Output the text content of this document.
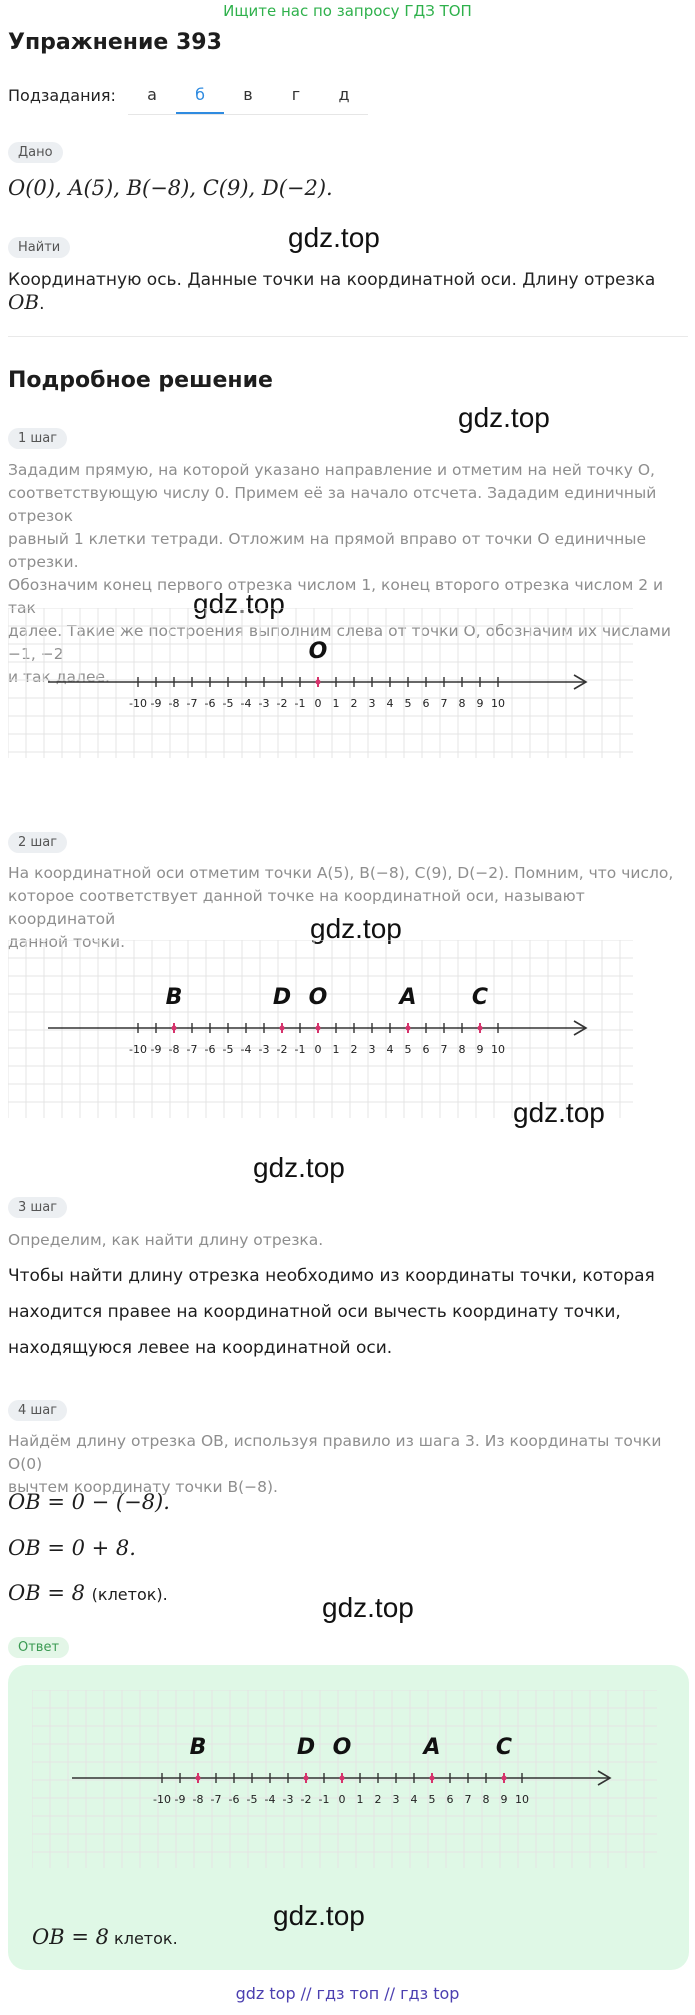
Ищите нас по запросу ГДЗ ТОП
Упражнение 393
Подзадания:	а	б	в	г	д
Дано
O(0), A(5), B(−8), C(9), D(−2).
Найти
Координатную ось. Данные точки на координатной оси. Длину отрезка OB.
gdz.top
Подробное решение
gdz.top
1 шаг
Зададим прямую, на которой указано направление и отметим на ней точку O,
соответствующую числу 0. Примем её за начало отсчета. Зададим единичный отрезок
равный 1 клетки тетради. Отложим на прямой вправо от точки O единичные отрезки.
Обозначим конец первого отрезка числом 1, конец второго отрезка числом 2 и так
далее. Такие же построения выполним слева от точки O, обозначим их числами −1, −2
и так далее.
gdz.top
-10 -9 -8 -7 -6 -5 -4 -3 -2 -1 0 1 2 3 4 5 6 7 8 9 10
O
2 шаг
На координатной оси отметим точки A(5), B(−8), C(9), D(−2). Помним, что число,
которое соответствует данной точке на координатной оси, называют координатой
данной точки.	gdz.top
-10 -9 -8 -7 -6 -5 -4 -3 -2 -1 0 1 2 3 4 5 6 7 8 9 10
B	D O	A	C
gdz.top
gdz.top
3 шаг
Определим, как найти длину отрезка.
Чтобы найти длину отрезка необходимо из координаты точки, которая
находится правее на координатной оси вычесть координату точки,
находящуюся левее на координатной оси.
4 шаг
Найдём длину отрезка OB, используя правило из шага 3. Из координаты точки O(0)
вычтем координату точки B(−8).
OB = 0 − (−8).
OB = 0 + 8.
OB = 8 (клеток).	gdz.top
Ответ
-10 -9 -8 -7 -6 -5 -4 -3 -2 -1 0 1 2 3 4 5 6 7 8 9 10
B	D O	A	C
gdz.top
OB = 8 клеток.
gdz top // гдз топ // гдз top
